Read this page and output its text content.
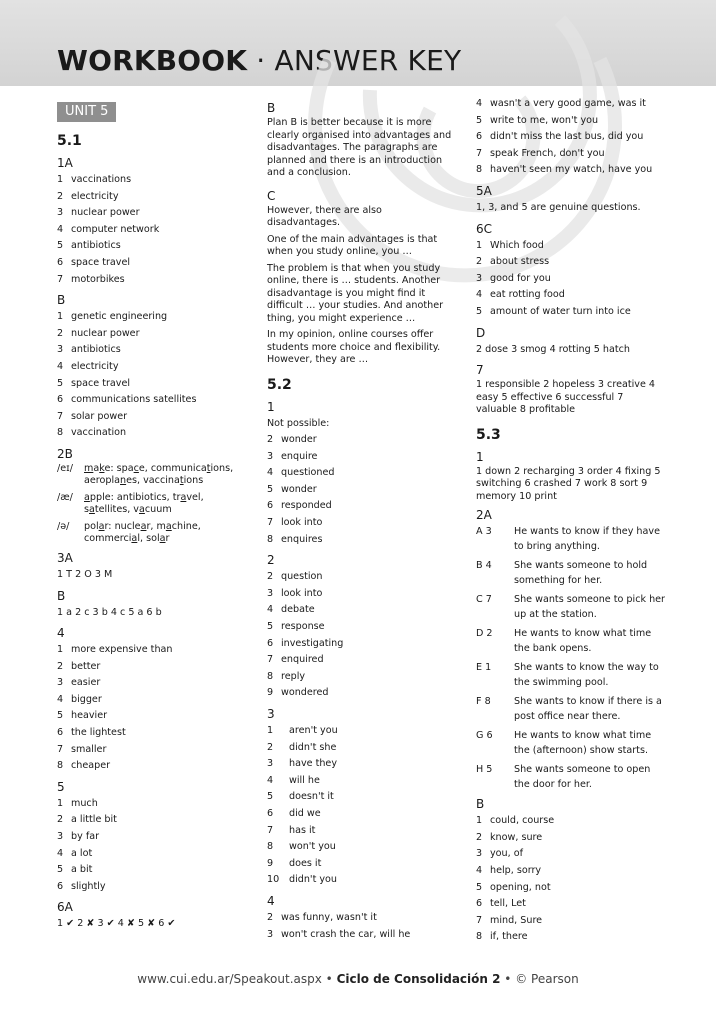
WORKBOOK · ANSWER KEY
UNIT 5
5.1
1A
1 vaccinations
2 electricity
3 nuclear power
4 computer network
5 antibiotics
6 space travel
7 motorbikes
B
1 genetic engineering
2 nuclear power
3 antibiotics
4 electricity
5 space travel
6 communications satellites
7 solar power
8 vaccination
2B
/eɪ/	make: space, communications, aeroplanes, vaccinations
/æ/	apple: antibiotics, travel, satellites, vacuum
/ə/	polar: nuclear, machine, commercial, solar
3A
1 T 2 O 3 M
B
1 a 2 c 3 b 4 c 5 a 6 b
4
1 more expensive than
2 better
3 easier
4 bigger
5 heavier
6 the lightest
7 smaller
8 cheaper
5
1 much
2 a little bit
3 by far
4 a lot
5 a bit
6 slightly
6A
1 ✔ 2 ✘ 3 ✔ 4 ✘ 5 ✘ 6 ✔
B
Plan B is better because it is more clearly organised into advantages and disadvantages. The paragraphs are planned and there is an introduction and a conclusion.
C
However, there are also disadvantages.
One of the main advantages is that when you study online, you …
The problem is that when you study online, there is … students. Another disadvantage is you might find it difficult … your studies. And another thing, you might experience …
In my opinion, online courses offer students more choice and flexibility. However, they are …
5.2
1
Not possible:
2 wonder
3 enquire
4 questioned
5 wonder
6 responded
7 look into
8 enquires
2
2 question
3 look into
4 debate
5 response
6 investigating
7 enquired
8 reply
9 wondered
3
1	aren't you
2	didn't she
3	have they
4	will he
5	doesn't it
6	did we
7	has it
8	won't you
9	does it
10	didn't you
4
2 was funny, wasn't it
3 won't crash the car, will he
4 wasn't a very good game, was it
5 write to me, won't you
6 didn't miss the last bus, did you
7 speak French, don't you
8 haven't seen my watch, have you
5A
1, 3, and 5 are genuine questions.
6C
1 Which food
2 about stress
3 good for you
4 eat rotting food
5 amount of water turn into ice
D
2 dose 3 smog 4 rotting 5 hatch
7
1 responsible 2 hopeless 3 creative 4 easy 5 effective 6 successful 7 valuable 8 profitable
5.3
1
1 down 2 recharging 3 order 4 fixing 5 switching 6 crashed 7 work 8 sort 9 memory 10 print
2A
A 3	He wants to know if they have to bring anything.
B 4	She wants someone to hold something for her.
C 7	She wants someone to pick her up at the station.
D 2	He wants to know what time the bank opens.
E 1	She wants to know the way to the swimming pool.
F 8	She wants to know if there is a post office near there.
G 6	He wants to know what time the (afternoon) show starts.
H 5	She wants someone to open the door for her.
B
1 could, course
2 know, sure
3 you, of
4 help, sorry
5 opening, not
6 tell, Let
7 mind, Sure
8 if, there
www.cui.edu.ar/Speakout.aspx • Ciclo de Consolidación 2 • © Pearson
